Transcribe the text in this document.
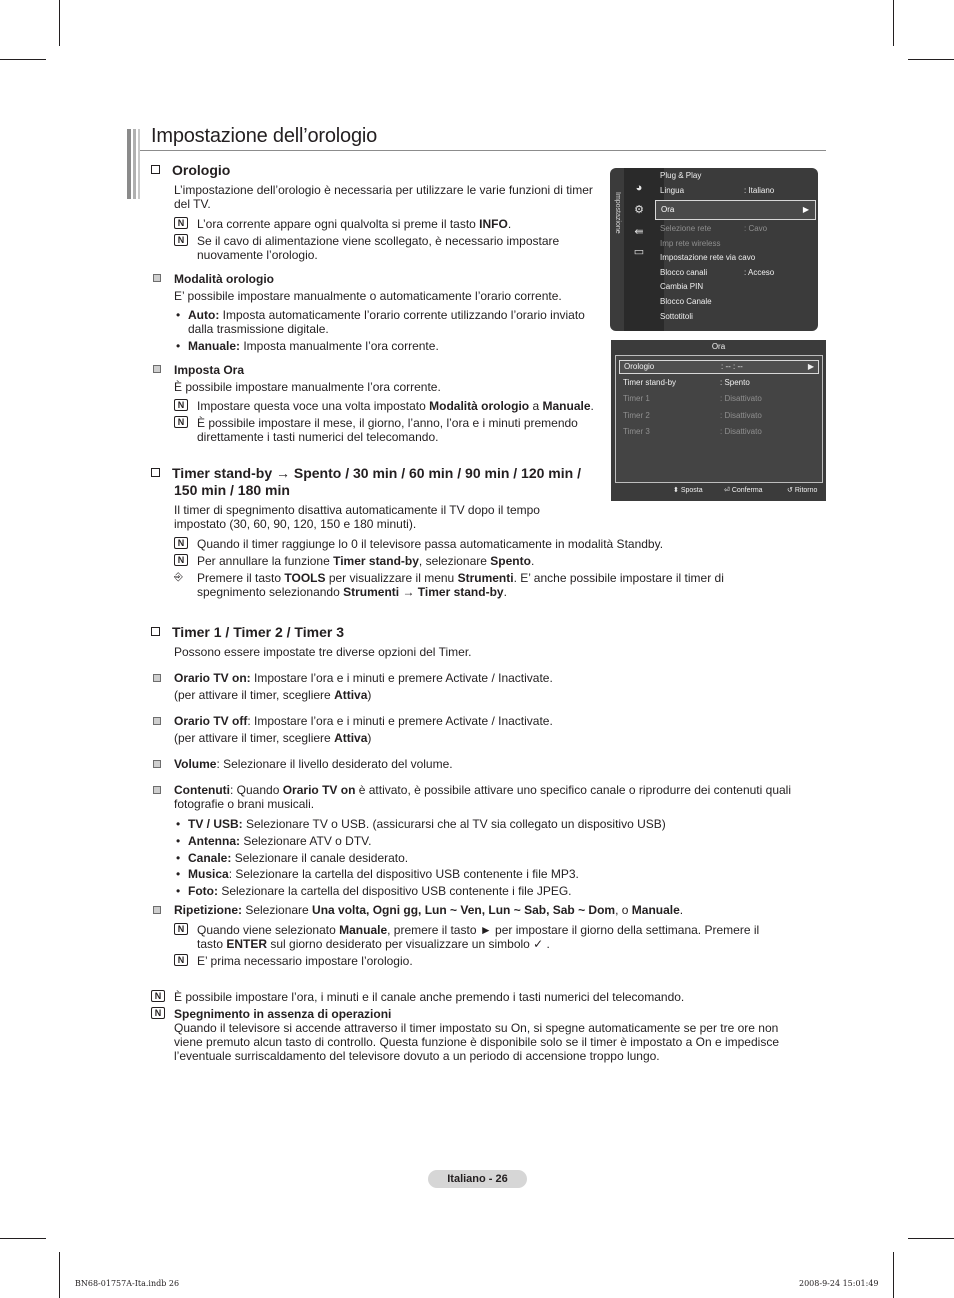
Impostazione dell’orologio
Orologio
L’impostazione dell’orologio è necessaria per utilizzare le varie funzioni di timer del TV.
N	L’ora corrente appare ogni qualvolta si preme il tasto INFO.
N	Se il cavo di alimentazione viene scollegato, è necessario impostare nuovamente l’orologio.
Modalità orologio
E’ possibile impostare manualmente o automaticamente l’orario corrente.
• Auto: Imposta automaticamente l’orario corrente utilizzando l’orario inviato dalla trasmissione digitale.
• Manuale: Imposta manualmente l’ora corrente.
Imposta Ora
È possibile impostare manualmente l’ora corrente.
N	Impostare questa voce una volta impostato Modalità orologio a Manuale.
N	È possibile impostare il mese, il giorno, l’anno, l’ora e i minuti premendo direttamente i tasti numerici del telecomando.
Timer stand-by → Spento / 30 min / 60 min / 90 min / 120 min / 150 min / 180 min
Il timer di spegnimento disattiva automaticamente il TV dopo il tempo impostato (30, 60, 90, 120, 150 e 180 minuti).
N	Quando il timer raggiunge lo 0 il televisore passa automaticamente in modalità Standby.
N	Per annullare la funzione Timer stand-by, selezionare Spento.
⎆	Premere il tasto TOOLS per visualizzare il menu Strumenti. E’ anche possibile impostare il timer di spegnimento selezionando Strumenti → Timer stand-by.
Timer 1 / Timer 2 / Timer 3
Possono essere impostate tre diverse opzioni del Timer.
Orario TV on: Impostare l’ora e i minuti e premere Activate / Inactivate.
(per attivare il timer, scegliere Attiva)
Orario TV off: Impostare l’ora e i minuti e premere Activate / Inactivate.
(per attivare il timer, scegliere Attiva)
Volume: Selezionare il livello desiderato del volume.
Contenuti: Quando Orario TV on è attivato, è possibile attivare uno specifico canale o riprodurre dei contenuti quali fotografie o brani musicali.
• TV / USB: Selezionare TV o USB. (assicurarsi che al TV sia collegato un dispositivo USB)
• Antenna: Selezionare ATV o DTV.
• Canale: Selezionare il canale desiderato.
• Musica: Selezionare la cartella del dispositivo USB contenente i file MP3.
• Foto: Selezionare la cartella del dispositivo USB contenente i file JPEG.
Ripetizione: Selezionare Una volta, Ogni gg, Lun ~ Ven, Lun ~ Sab, Sab ~ Dom, o Manuale.
N	Quando viene selezionato Manuale, premere il tasto ► per impostare il giorno della settimana. Premere il tasto ENTER sul giorno desiderato per visualizzare un simbolo ✓ .
N	E’ prima necessario impostare l’orologio.
N	È possibile impostare l’ora, i minuti e il canale anche premendo i tasti numerici del telecomando.
N	Spegnimento in assenza di operazioni
Quando il televisore si accende attraverso il timer impostato su On, si spegne automaticamente se per tre ore non viene premuto alcun tasto di controllo. Questa funzione è disponibile solo se il timer è impostato a On e impedisce l’eventuale surriscaldamento del televisore dovuto a un periodo di accensione troppo lungo.
Impostazione
◕
⚙
⇚
▭
Plug & Play
Lingua	: Italiano
Ora	▶
Selezione rete	: Cavo
Imp rete wireless
Impostazione rete via cavo
Blocco canali	: Acceso
Cambia PIN
Blocco Canale
Sottotitoli
Ora
Orologio	: -- : --	▶
Timer stand-by	: Spento
Timer 1	: Disattivato
Timer 2	: Disattivato
Timer 3	: Disattivato
⬍ Sposta	⏎ Conferma	↺ Ritorno
Italiano - 26
BN68-01757A-Ita.indb 26	2008-9-24 15:01:49
